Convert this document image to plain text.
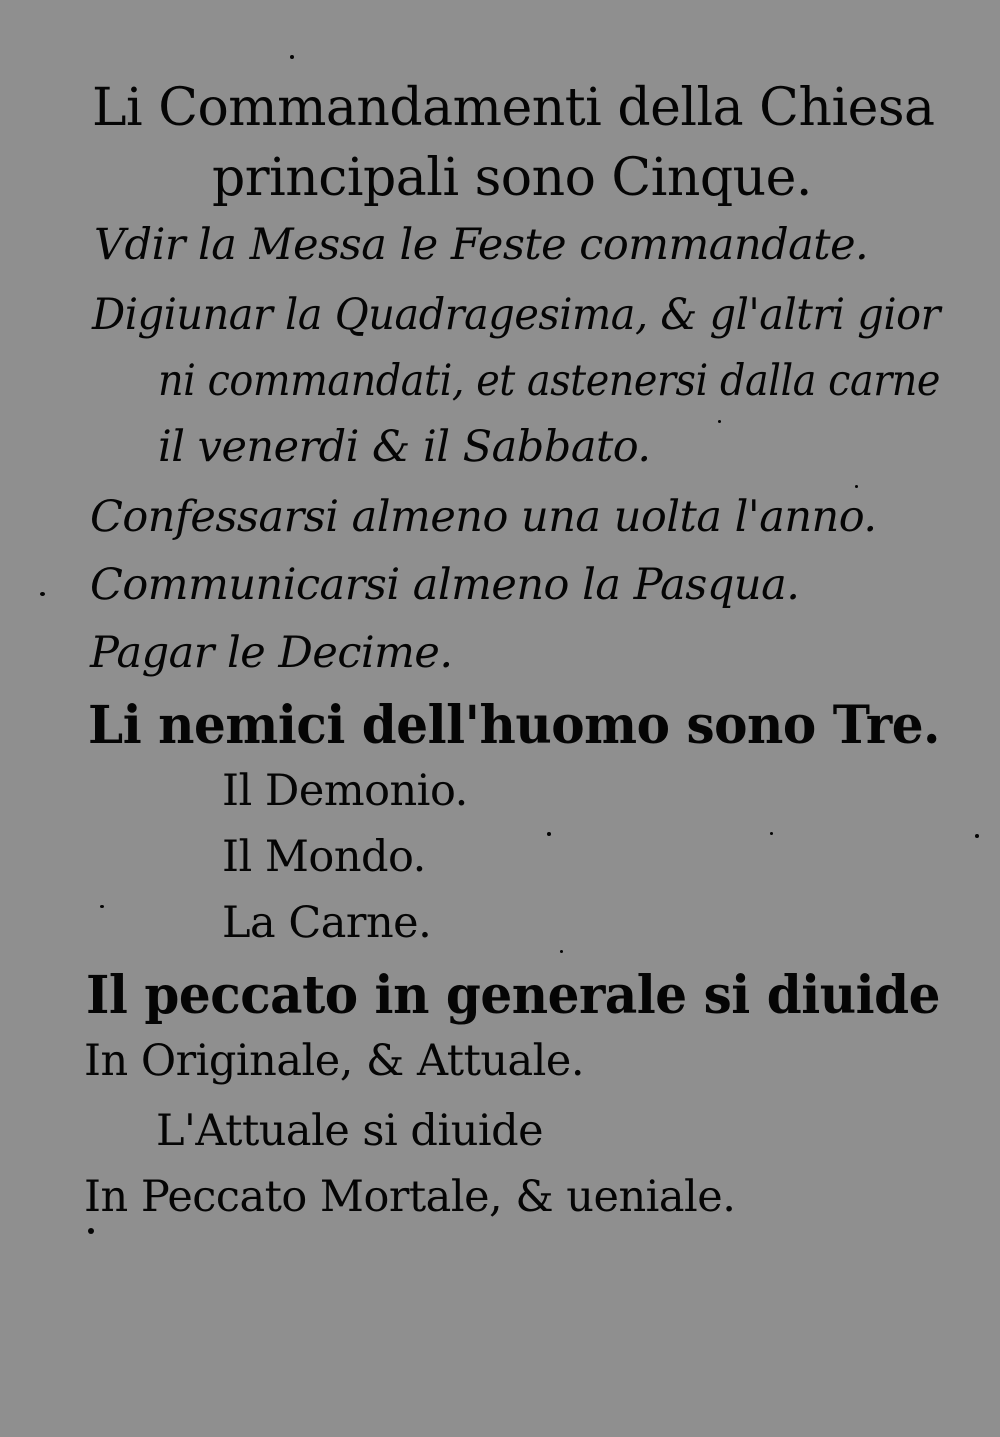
Li Commandamenti della Chiesa
principali sono Cinque.
Vdir la Messa le Feste commandate.
Digiunar la Quadragesima, & gl'altri gior
ni commandati, et astenersi dalla carne
il venerdi & il Sabbato.
Confessarsi almeno una uolta l'anno.
Communicarsi almeno la Pasqua.
Pagar le Decime.
Li nemici dell'huomo sono Tre.
Il Demonio.
Il Mondo.
La Carne.
Il peccato in generale si diuide
In Originale, & Attuale.
L'Attuale si diuide
In Peccato Mortale, & ueniale.
